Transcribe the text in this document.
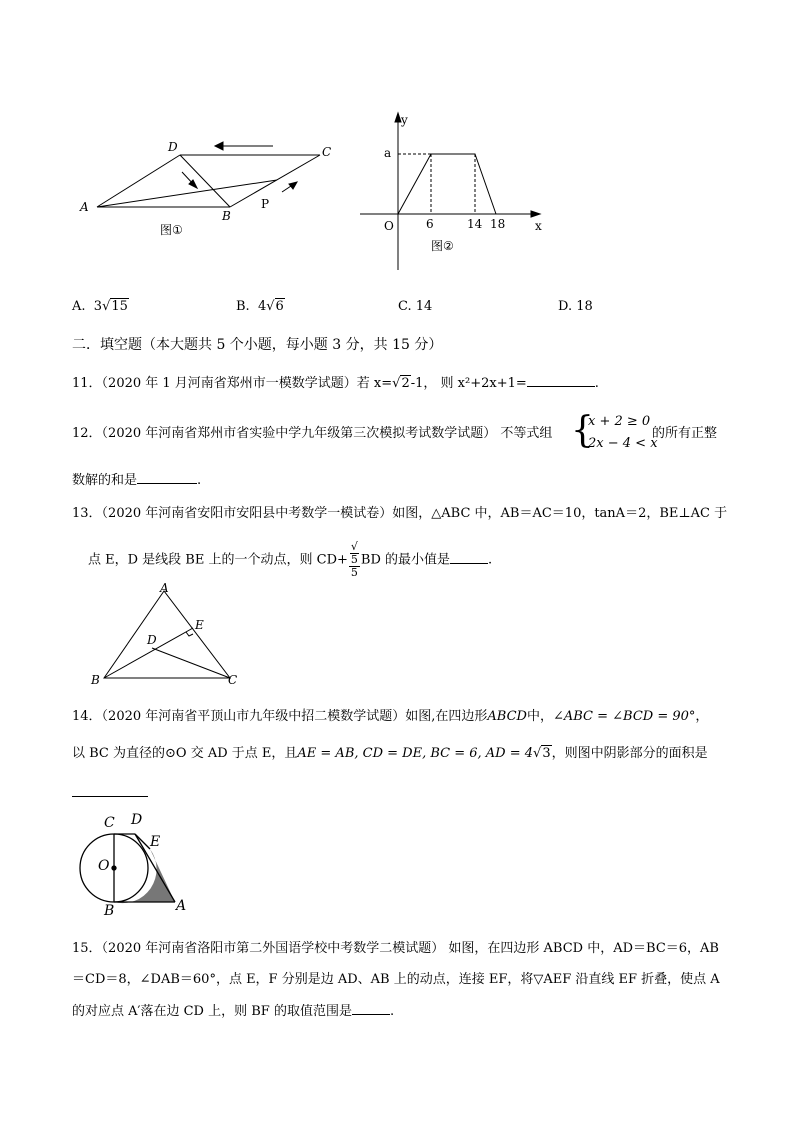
A
B
C
D
P
图①
y
x
O
a
6	14 18
图②
A. 3√15	B. 4√6	C. 14	D. 18
二．填空题（本大题共 5 个小题，每小题 3 分，共 15 分）
11．（2020 年 1 月河南省郑州市一模数学试题）若 x=√2-1， 则 x²+2x+1=	.
12．（2020 年河南省郑州市省实验中学九年级第三次模拟考试数学试题） 不等式组 {
x + 2 ≥ 0
2x − 4 < x
的所有正整
数解的和是	.
13．（2020 年河南省安阳市安阳县中考数学一模试卷）如图，△ABC 中，AB＝AC＝10，tanA＝2，BE⊥AC 于
点 E，D 是线段 BE 上的一个动点，则 CD+ √
5
5 BD 的最小值是	.
A
B	C
D
E
14．（2020 年河南省平顶山市九年级中招二模数学试题）如图,在四边形ABCD中，∠ABC = ∠BCD = 90°，
以 BC 为直径的⊙O 交 AD 于点 E，且AE = AB, CD = DE, BC = 6, AD = 4√3，则图中阴影部分的面积是
C D
E
O
B	A
15．（2020 年河南省洛阳市第二外国语学校中考数学二模试题） 如图，在四边形 ABCD 中，AD＝BC＝6，AB
＝CD＝8，∠DAB＝60°，点 E，F 分别是边 AD、AB 上的动点，连接 EF，将▽AEF 沿直线 EF 折叠，使点 A
的对应点 A′落在边 CD 上，则 BF 的取值范围是	.
